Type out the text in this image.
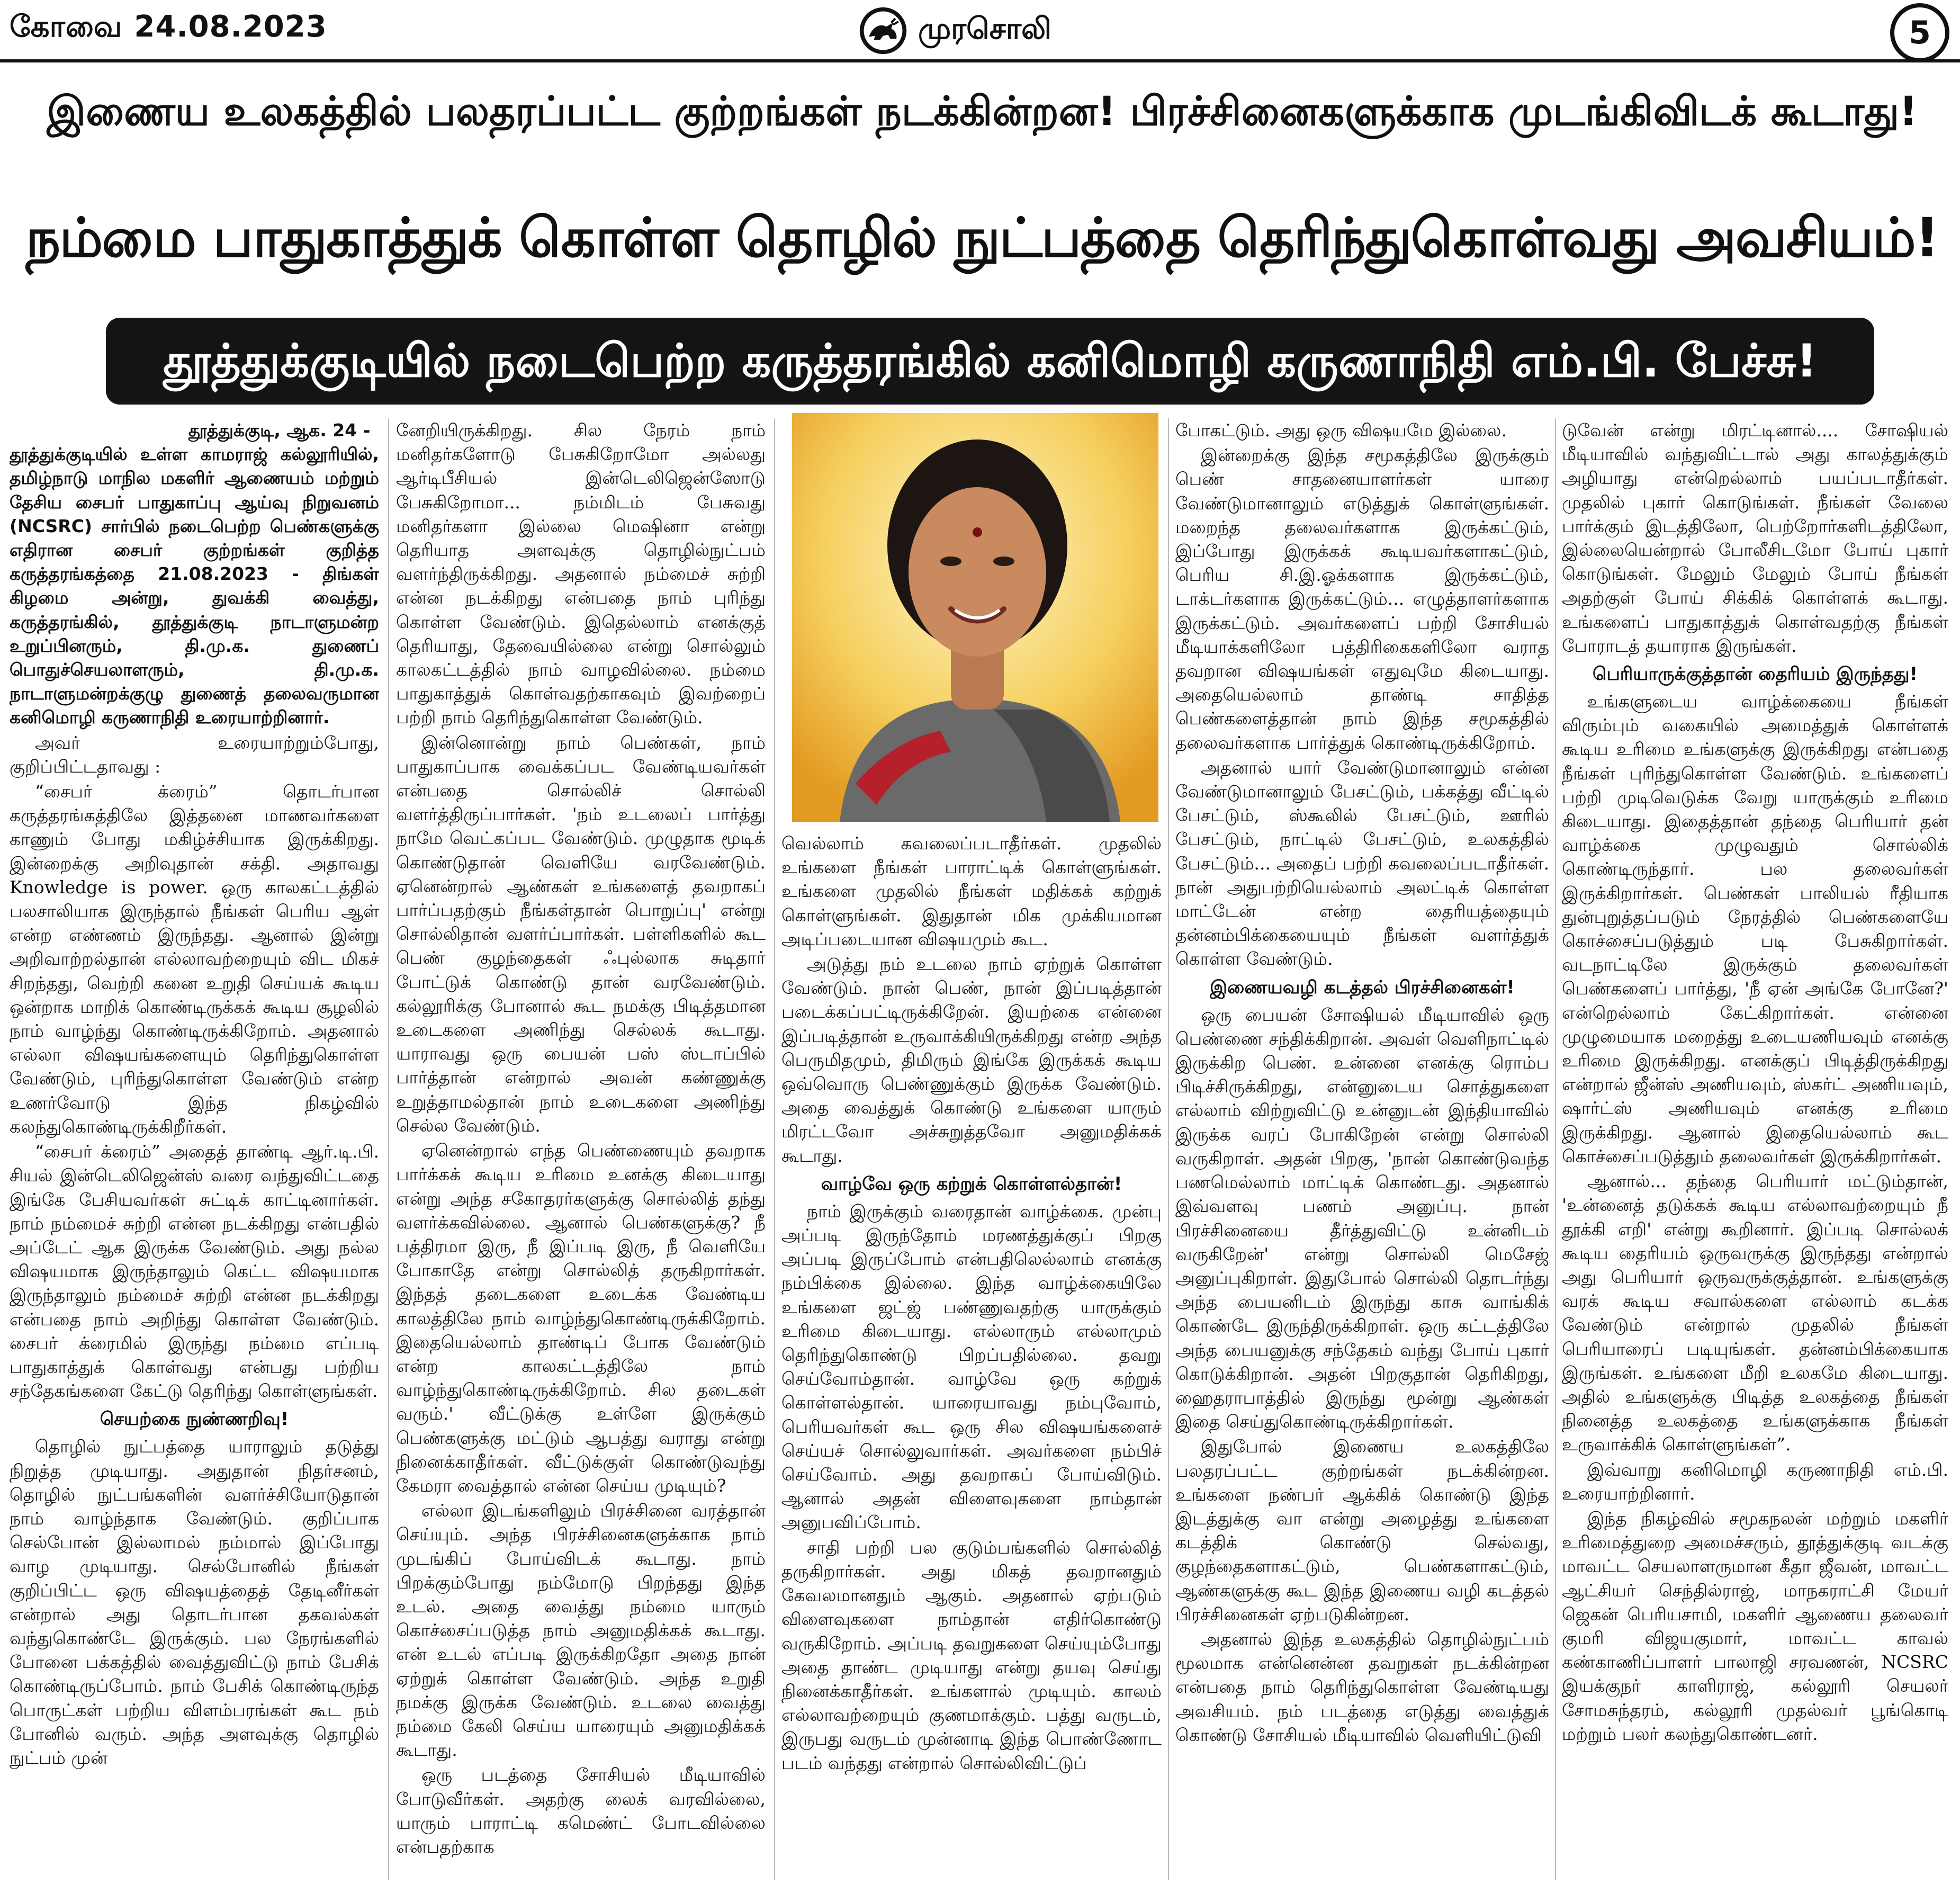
கோவை 24.08.2023	முரசொலி	5
இணைய உலகத்தில் பலதரப்பட்ட குற்றங்கள் நடக்கின்றன! பிரச்சினைகளுக்காக முடங்கிவிடக் கூடாது!
நம்மை பாதுகாத்துக் கொள்ள தொழில் நுட்பத்தை தெரிந்துகொள்வது அவசியம்!
தூத்துக்குடியில் நடைபெற்ற கருத்தரங்கில் கனிமொழி கருணாநிதி எம்.பி. பேச்சு!

தூத்துக்குடி, ஆக. 24 -

தூத்துக்குடியில் உள்ள காமராஜ் கல்லூரியில், தமிழ்நாடு மாநில மகளிர் ஆணையம் மற்றும் தேசிய சைபர் பாதுகாப்பு ஆய்வு நிறுவனம் (NCSRC) சார்பில் நடைபெற்ற பெண்களுக்கு எதிரான சைபர் குற்றங்கள் குறித்த கருத்தரங்கத்தை 21.08.2023 - திங்கள் கிழமை அன்று, துவக்கி வைத்து, கருத்தரங்கில், தூத்துக்குடி நாடாளுமன்ற உறுப்பினரும், தி.மு.க. துணைப் பொதுச்செயலாளரும், தி.மு.க. நாடாளுமன்றக்குழு துணைத் தலைவருமான கனிமொழி கருணாநிதி உரையாற்றினார்.

அவர் உரையாற்றும்போது, குறிப்பிட்டதாவது :

“சைபர் க்ரைம்” தொடர்பான கருத்தரங்கத்திலே இத்தனை மாணவர்களை காணும் போது மகிழ்ச்சியாக இருக்கிறது. இன்றைக்கு அறிவுதான் சக்தி. அதாவது Knowledge is power. ஒரு காலகட்டத்தில் பலசாலியாக இருந்தால் நீங்கள் பெரிய ஆள் என்ற எண்ணம் இருந்தது. ஆனால் இன்று அறிவாற்றல்தான் எல்லாவற்றையும் விட மிகச் சிறந்தது, வெற்றி கனை உறுதி செய்யக் கூடிய ஒன்றாக மாறிக் கொண்டிருக்கக் கூடிய சூழலில் நாம் வாழ்ந்து கொண்டிருக்கிறோம். அதனால் எல்லா விஷயங்களையும் தெரிந்துகொள்ள வேண்டும், புரிந்துகொள்ள வேண்டும் என்ற உணர்வோடு இந்த நிகழ்வில் கலந்துகொண்டிருக்கிறீர்கள்.

“சைபர் க்ரைம்” அதைத் தாண்டி ஆர்.டி.பி. சியல் இன்டெலிஜென்ஸ் வரை வந்துவிட்டதை இங்கே பேசியவர்கள் சுட்டிக் காட்டினார்கள். நாம் நம்மைச் சுற்றி என்ன நடக்கிறது என்பதில் அப்டேட் ஆக இருக்க வேண்டும். அது நல்ல விஷயமாக இருந்தாலும் கெட்ட விஷயமாக இருந்தாலும் நம்மைச் சுற்றி என்ன நடக்கிறது என்பதை நாம் அறிந்து கொள்ள வேண்டும். சைபர் க்ரைமில் இருந்து நம்மை எப்படி பாதுகாத்துக் கொள்வது என்பது பற்றிய சந்தேகங்களை கேட்டு தெரிந்து கொள்ளுங்கள்.

செயற்கை நுண்ணறிவு!

தொழில் நுட்பத்தை யாராலும் தடுத்து நிறுத்த முடியாது. அதுதான் நிதர்சனம், தொழில் நுட்பங்களின் வளர்ச்சியோடுதான் நாம் வாழ்ந்தாக வேண்டும். குறிப்பாக செல்போன் இல்லாமல் நம்மால் இப்போது வாழ முடியாது. செல்போனில் நீங்கள் குறிப்பிட்ட ஒரு விஷயத்தைத் தேடினீர்கள் என்றால் அது தொடர்பான தகவல்கள் வந்துகொண்டே இருக்கும். பல நேரங்களில் போனை பக்கத்தில் வைத்துவிட்டு நாம் பேசிக் கொண்டிருப்போம். நாம் பேசிக் கொண்டிருந்த பொருட்கள் பற்றிய விளம்பரங்கள் கூட நம் போனில் வரும். அந்த அளவுக்கு தொழில் நுட்பம் முன்

னேறியிருக்கிறது. சில நேரம் நாம் மனிதர்களோடு பேசுகிறோமோ அல்லது ஆர்டிபீசியல் இன்டெலிஜென்ஸோடு பேசுகிறோமா... நம்மிடம் பேசுவது மனிதர்களா இல்லை மெஷினா என்று தெரியாத அளவுக்கு தொழில்நுட்பம் வளர்ந்திருக்கிறது. அதனால் நம்மைச் சுற்றி என்ன நடக்கிறது என்பதை நாம் புரிந்து கொள்ள வேண்டும். இதெல்லாம் எனக்குத் தெரியாது, தேவையில்லை என்று சொல்லும் காலகட்டத்தில் நாம் வாழவில்லை. நம்மை பாதுகாத்துக் கொள்வதற்காகவும் இவற்றைப் பற்றி நாம் தெரிந்துகொள்ள வேண்டும்.

இன்னொன்று நாம் பெண்கள், நாம் பாதுகாப்பாக வைக்கப்பட வேண்டியவர்கள் என்பதை சொல்லிச் சொல்லி வளர்த்திருப்பார்கள். 'நம் உடலைப் பார்த்து நாமே வெட்கப்பட வேண்டும். முழுதாக மூடிக் கொண்டுதான் வெளியே வரவேண்டும். ஏனென்றால் ஆண்கள் உங்களைத் தவறாகப் பார்ப்பதற்கும் நீங்கள்தான் பொறுப்பு' என்று சொல்லிதான் வளர்ப்பார்கள். பள்ளிகளில் கூட பெண் குழந்தைகள் ஃபுல்லாக சுடிதார் போட்டுக் கொண்டு தான் வரவேண்டும். கல்லூரிக்கு போனால் கூட நமக்கு பிடித்தமான உடைகளை அணிந்து செல்லக் கூடாது. யாராவது ஒரு பையன் பஸ் ஸ்டாப்பில் பார்த்தான் என்றால் அவன் கண்ணுக்கு உறுத்தாமல்தான் நாம் உடைகளை அணிந்து செல்ல வேண்டும்.

ஏனென்றால் எந்த பெண்ணையும் தவறாக பார்க்கக் கூடிய உரிமை உனக்கு கிடையாது என்று அந்த சகோதரர்களுக்கு சொல்லித் தந்து வளர்க்கவில்லை. ஆனால் பெண்களுக்கு? நீ பத்திரமா இரு, நீ இப்படி இரு, நீ வெளியே போகாதே என்று சொல்லித் தருகிறார்கள். இந்தத் தடைகளை உடைக்க வேண்டிய காலத்திலே நாம் வாழ்ந்துகொண்டிருக்கிறோம். இதையெல்லாம் தாண்டிப் போக வேண்டும் என்ற காலகட்டத்திலே நாம் வாழ்ந்துகொண்டிருக்கிறோம். சில தடைகள் வரும்.' வீட்டுக்கு உள்ளே இருக்கும் பெண்களுக்கு மட்டும் ஆபத்து வராது என்று நினைக்காதீர்கள். வீட்டுக்குள் கொண்டுவந்து கேமரா வைத்தால் என்ன செய்ய முடியும்?

எல்லா இடங்களிலும் பிரச்சினை வரத்தான் செய்யும். அந்த பிரச்சினைகளுக்காக நாம் முடங்கிப் போய்விடக் கூடாது. நாம் பிறக்கும்போது நம்மோடு பிறந்தது இந்த உடல். அதை வைத்து நம்மை யாரும் கொச்சைப்படுத்த நாம் அனுமதிக்கக் கூடாது. என் உடல் எப்படி இருக்கிறதோ அதை நான் ஏற்றுக் கொள்ள வேண்டும். அந்த உறுதி நமக்கு இருக்க வேண்டும். உடலை வைத்து நம்மை கேலி செய்ய யாரையும் அனுமதிக்கக் கூடாது.

ஒரு படத்தை சோசியல் மீடியாவில் போடுவீர்கள். அதற்கு லைக் வரவில்லை, யாரும் பாராட்டி கமெண்ட் போடவில்லை என்பதற்காக

வெல்லாம் கவலைப்படாதீர்கள். முதலில் உங்களை நீங்கள் பாராட்டிக் கொள்ளுங்கள். உங்களை முதலில் நீங்கள் மதிக்கக் கற்றுக் கொள்ளுங்கள். இதுதான் மிக முக்கியமான அடிப்படையான விஷயமும் கூட.

அடுத்து நம் உடலை நாம் ஏற்றுக் கொள்ள வேண்டும். நான் பெண், நான் இப்படித்தான் படைக்கப்பட்டிருக்கிறேன். இயற்கை என்னை இப்படித்தான் உருவாக்கியிருக்கிறது என்ற அந்த பெருமிதமும், திமிரும் இங்கே இருக்கக் கூடிய ஒவ்வொரு பெண்ணுக்கும் இருக்க வேண்டும். அதை வைத்துக் கொண்டு உங்களை யாரும் மிரட்டவோ அச்சுறுத்தவோ அனுமதிக்கக் கூடாது.

வாழ்வே ஒரு கற்றுக் கொள்ளல்தான்!

நாம் இருக்கும் வரைதான் வாழ்க்கை. முன்பு அப்படி இருந்தோம் மரணத்துக்குப் பிறகு அப்படி இருப்போம் என்பதிலெல்லாம் எனக்கு நம்பிக்கை இல்லை. இந்த வாழ்க்கையிலே உங்களை ஜட்ஜ் பண்ணுவதற்கு யாருக்கும் உரிமை கிடையாது. எல்லாரும் எல்லாமும் தெரிந்துகொண்டு பிறப்பதில்லை. தவறு செய்வோம்தான். வாழ்வே ஒரு கற்றுக் கொள்ளல்தான். யாரையாவது நம்புவோம், பெரியவர்கள் கூட ஒரு சில விஷயங்களைச் செய்யச் சொல்லுவார்கள். அவர்களை நம்பிச் செய்வோம். அது தவறாகப் போய்விடும். ஆனால் அதன் விளைவுகளை நாம்தான் அனுபவிப்போம்.

சாதி பற்றி பல குடும்பங்களில் சொல்லித் தருகிறார்கள். அது மிகத் தவறானதும் கேவலமானதும் ஆகும். அதனால் ஏற்படும் விளைவுகளை நாம்தான் எதிர்கொண்டு வருகிறோம். அப்படி தவறுகளை செய்யும்போது அதை தாண்ட முடியாது என்று தயவு செய்து நினைக்காதீர்கள். உங்களால் முடியும். காலம் எல்லாவற்றையும் குணமாக்கும். பத்து வருடம், இருபது வருடம் முன்னாடி இந்த பொண்ணோட படம் வந்தது என்றால் சொல்லிவிட்டுப்

போகட்டும். அது ஒரு விஷயமே இல்லை.

இன்றைக்கு இந்த சமூகத்திலே இருக்கும் பெண் சாதனையாளர்கள் யாரை வேண்டுமானாலும் எடுத்துக் கொள்ளுங்கள். மறைந்த தலைவர்களாக இருக்கட்டும், இப்போது இருக்கக் கூடியவர்களாகட்டும், பெரிய சி.இ.ஓக்களாக இருக்கட்டும், டாக்டர்களாக இருக்கட்டும்... எழுத்தாளர்களாக இருக்கட்டும். அவர்களைப் பற்றி சோசியல் மீடியாக்களிலோ பத்திரிகைகளிலோ வராத தவறான விஷயங்கள் எதுவுமே கிடையாது. அதையெல்லாம் தாண்டி சாதித்த பெண்களைத்தான் நாம் இந்த சமூகத்தில் தலைவர்களாக பார்த்துக் கொண்டிருக்கிறோம்.

அதனால் யார் வேண்டுமானாலும் என்ன வேண்டுமானாலும் பேசட்டும், பக்கத்து வீட்டில் பேசட்டும், ஸ்கூலில் பேசட்டும், ஊரில் பேசட்டும், நாட்டில் பேசட்டும், உலகத்தில் பேசட்டும்... அதைப் பற்றி கவலைப்படாதீர்கள். நான் அதுபற்றியெல்லாம் அலட்டிக் கொள்ள மாட்டேன் என்ற தைரியத்தையும் தன்னம்பிக்கையையும் நீங்கள் வளர்த்துக் கொள்ள வேண்டும்.

இணையவழி கடத்தல் பிரச்சினைகள்!

ஒரு பையன் சோஷியல் மீடியாவில் ஒரு பெண்ணை சந்திக்கிறான். அவள் வெளிநாட்டில் இருக்கிற பெண். உன்னை எனக்கு ரொம்ப பிடிச்சிருக்கிறது, என்னுடைய சொத்துகளை எல்லாம் விற்றுவிட்டு உன்னுடன் இந்தியாவில் இருக்க வரப் போகிறேன் என்று சொல்லி வருகிறாள். அதன் பிறகு, 'நான் கொண்டுவந்த பணமெல்லாம் மாட்டிக் கொண்டது. அதனால் இவ்வளவு பணம் அனுப்பு. நான் பிரச்சினையை தீர்த்துவிட்டு உன்னிடம் வருகிறேன்' என்று சொல்லி மெசேஜ் அனுப்புகிறாள். இதுபோல் சொல்லி தொடர்ந்து அந்த பையனிடம் இருந்து காசு வாங்கிக் கொண்டே இருந்திருக்கிறாள். ஒரு கட்டத்திலே அந்த பையனுக்கு சந்தேகம் வந்து போய் புகார் கொடுக்கிறான். அதன் பிறகுதான் தெரிகிறது, ஹைதராபாத்தில் இருந்து மூன்று ஆண்கள் இதை செய்துகொண்டிருக்கிறார்கள்.

இதுபோல் இணைய உலகத்திலே பலதரப்பட்ட குற்றங்கள் நடக்கின்றன. உங்களை நண்பர் ஆக்கிக் கொண்டு இந்த இடத்துக்கு வா என்று அழைத்து உங்களை கடத்திக் கொண்டு செல்வது, குழந்தைகளாகட்டும், பெண்களாகட்டும், ஆண்களுக்கு கூட இந்த இணைய வழி கடத்தல் பிரச்சினைகள் ஏற்படுகின்றன.

அதனால் இந்த உலகத்தில் தொழில்நுட்பம் மூலமாக என்னென்ன தவறுகள் நடக்கின்றன என்பதை நாம் தெரிந்துகொள்ள வேண்டியது அவசியம். நம் படத்தை எடுத்து வைத்துக் கொண்டு சோசியல் மீடியாவில் வெளியிட்டுவி

டுவேன் என்று மிரட்டினால்.... சோஷியல் மீடியாவில் வந்துவிட்டால் அது காலத்துக்கும் அழியாது என்றெல்லாம் பயப்படாதீர்கள். முதலில் புகார் கொடுங்கள். நீங்கள் வேலை பார்க்கும் இடத்திலோ, பெற்றோர்களிடத்திலோ, இல்லையென்றால் போலீசிடமோ போய் புகார் கொடுங்கள். மேலும் மேலும் போய் நீங்கள் அதற்குள் போய் சிக்கிக் கொள்ளக் கூடாது. உங்களைப் பாதுகாத்துக் கொள்வதற்கு நீங்கள் போராடத் தயாராக இருங்கள்.

பெரியாருக்குத்தான் தைரியம் இருந்தது!

உங்களுடைய வாழ்க்கையை நீங்கள் விரும்பும் வகையில் அமைத்துக் கொள்ளக் கூடிய உரிமை உங்களுக்கு இருக்கிறது என்பதை நீங்கள் புரிந்துகொள்ள வேண்டும். உங்களைப் பற்றி முடிவெடுக்க வேறு யாருக்கும் உரிமை கிடையாது. இதைத்தான் தந்தை பெரியார் தன் வாழ்க்கை முழுவதும் சொல்லிக் கொண்டிருந்தார். பல தலைவர்கள் இருக்கிறார்கள். பெண்கள் பாலியல் ரீதியாக துன்புறுத்தப்படும் நேரத்தில் பெண்களையே கொச்சைப்படுத்தும் படி பேசுகிறார்கள். வடநாட்டிலே இருக்கும் தலைவர்கள் பெண்களைப் பார்த்து, 'நீ ஏன் அங்கே போனே?' என்றெல்லாம் கேட்கிறார்கள். என்னை முழுமையாக மறைத்து உடையணியவும் எனக்கு உரிமை இருக்கிறது. எனக்குப் பிடித்திருக்கிறது என்றால் ஜீன்ஸ் அணியவும், ஸ்கர்ட் அணியவும், ஷார்ட்ஸ் அணியவும் எனக்கு உரிமை இருக்கிறது. ஆனால் இதையெல்லாம் கூட கொச்சைப்படுத்தும் தலைவர்கள் இருக்கிறார்கள்.

ஆனால்... தந்தை பெரியார் மட்டும்தான், 'உன்னைத் தடுக்கக் கூடிய எல்லாவற்றையும் நீ தூக்கி எறி' என்று கூறினார். இப்படி சொல்லக் கூடிய தைரியம் ஒருவருக்கு இருந்தது என்றால் அது பெரியார் ஒருவருக்குத்தான். உங்களுக்கு வரக் கூடிய சவால்களை எல்லாம் கடக்க வேண்டும் என்றால் முதலில் நீங்கள் பெரியாரைப் படியுங்கள். தன்னம்பிக்கையாக இருங்கள். உங்களை மீறி உலகமே கிடையாது. அதில் உங்களுக்கு பிடித்த உலகத்தை நீங்கள் நினைத்த உலகத்தை உங்களுக்காக நீங்கள் உருவாக்கிக் கொள்ளுங்கள்”.

இவ்வாறு கனிமொழி கருணாநிதி எம்.பி. உரையாற்றினார்.

இந்த நிகழ்வில் சமூகநலன் மற்றும் மகளிர் உரிமைத்துறை அமைச்சரும், தூத்துக்குடி வடக்கு மாவட்ட செயலாளருமான கீதா ஜீவன், மாவட்ட ஆட்சியர் செந்தில்ராஜ், மாநகராட்சி மேயர் ஜெகன் பெரியசாமி, மகளிர் ஆணைய தலைவர் குமரி விஜயகுமார், மாவட்ட காவல் கண்காணிப்பாளர் பாலாஜி சரவணன், NCSRC இயக்குநர் காளிராஜ், கல்லூரி செயலர் சோமசுந்தரம், கல்லூரி முதல்வர் பூங்கொடி மற்றும் பலர் கலந்துகொண்டனர்.
